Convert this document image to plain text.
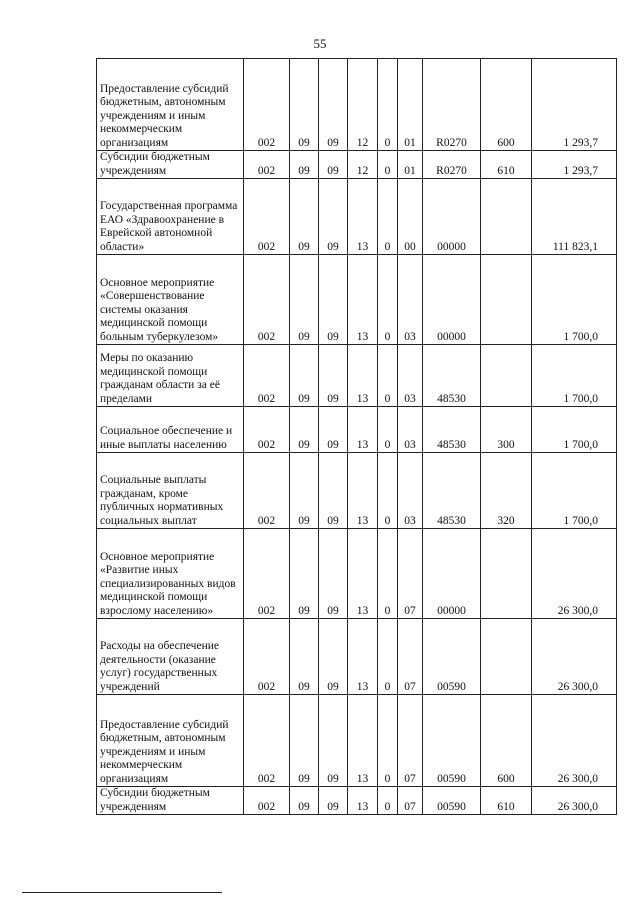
55
Предоставление субсидий бюджетным, автономным учреждениям и иным некоммерческим организациям	002	09	09	12	0	01	R0270	600	1 293,7
Субсидии бюджетным учреждениям	002	09	09	12	0	01	R0270	610	1 293,7
Государственная программа ЕАО «Здравоохранение в Еврейской автономной области»	002	09	09	13	0	00	00000		111 823,1
Основное мероприятие «Совершенствование системы оказания медицинской помощи больным туберкулезом»	002	09	09	13	0	03	00000		1 700,0
Меры по оказанию медицинской помощи гражданам области за её пределами	002	09	09	13	0	03	48530		1 700,0
Социальное обеспечение и иные выплаты населению	002	09	09	13	0	03	48530	300	1 700,0
Социальные выплаты гражданам, кроме публичных нормативных социальных выплат	002	09	09	13	0	03	48530	320	1 700,0
Основное мероприятие «Развитие иных специализированных видов медицинской помощи взрослому населению»	002	09	09	13	0	07	00000		26 300,0
Расходы на обеспечение деятельности (оказание услуг) государственных учреждений	002	09	09	13	0	07	00590		26 300,0
Предоставление субсидий бюджетным, автономным учреждениям и иным некоммерческим организациям	002	09	09	13	0	07	00590	600	26 300,0
Субсидии бюджетным учреждениям	002	09	09	13	0	07	00590	610	26 300,0
